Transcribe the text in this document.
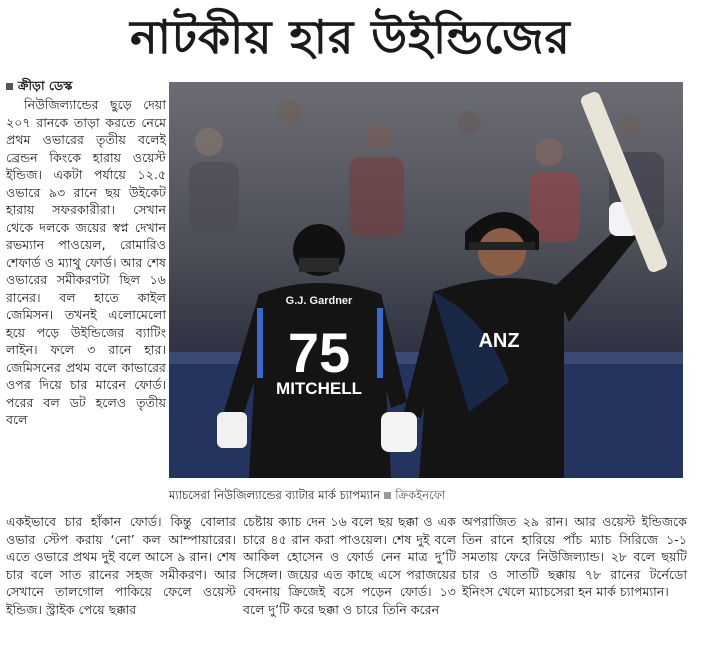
নাটকীয় হার উইন্ডিজের
ক্রীড়া ডেস্ক

নিউজিল্যান্ডের ছুড়ে দেয়া ২০৭ রানকে তাড়া করতে নেমে প্রথম ওভারের তৃতীয় বলেই ব্রেন্ডন কিংকে হারায় ওয়েস্ট ইন্ডিজ। একটা পর্যায়ে ১২.৫ ওভারে ৯৩ রানে ছয় উইকেট হারায় সফরকারীরা। সেখান থেকে দলকে জয়ের স্বপ্ন দেখান রভম্যান পাওয়েল, রোমারিও শেফার্ড ও ম্যাথু ফোর্ড। আর শেষ ওভারের সমীকরণটা ছিল ১৬ রানের। বল হাতে কাইল জেমিসন। তখনই এলোমেলো হয়ে পড়ে উইন্ডিজের ব্যাটিং লাইন। ফলে ৩ রানে হার। জেমিসনের প্রথম বলে কাভারের ওপর দিয়ে চার মারেন ফোর্ড। পরের বল ডট হলেও তৃতীয় বলে

G.J. Gardner
75
MITCHELL
ANZ
ম্যাচসেরা নিউজিল্যান্ডের ব্যাটার মার্ক চ্যাপম্যান ক্রিকইনফো

একইভাবে চার হাঁকান ফোর্ড। কিন্তু বোলার ওভার স্টেপ করায় ‘নো’ কল আম্পায়ারের। এতে ওভারে প্রথম দুই বলে আসে ৯ রান। শেষ চার বলে সাত রানের সহজ সমীকরণ। আর সেখানে তালগোল পাকিয়ে ফেলে ওয়েস্ট ইন্ডিজ। স্ট্রাইক পেয়ে ছক্কার

চেষ্টায় ক্যাচ দেন ১৬ বলে ছয় ছক্কা ও এক চারে ৪৫ রান করা পাওয়েল। শেষ দুই বলে আকিল হোসেন ও ফোর্ড নেন মাত্র দু’টি সিঙ্গেল। জয়ের এত কাছে এসে পরাজয়ের বেদনায় ক্রিজেই বসে পড়েন ফোর্ড। ১৩ বলে দু’টি করে ছক্কা ও চারে তিনি করেন

অপরাজিত ২৯ রান। আর ওয়েস্ট ইন্ডিজকে তিন রানে হারিয়ে পাঁচ ম্যাচ সিরিজে ১-১ সমতায় ফেরে নিউজিল্যান্ড। ২৮ বলে ছয়টি চার ও সাতটি ছক্কায় ৭৮ রানের টর্নেডো ইনিংস খেলে ম্যাচসেরা হন মার্ক চ্যাপম্যান।
